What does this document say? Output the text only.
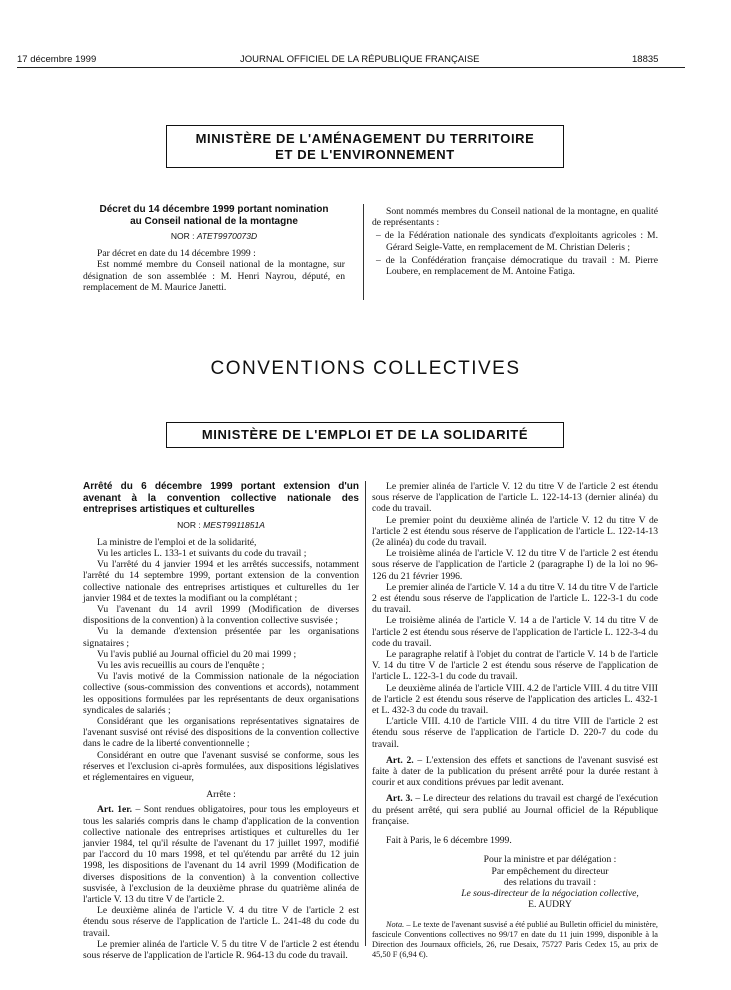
17 décembre 1999	JOURNAL OFFICIEL DE LA RÉPUBLIQUE FRANÇAISE	18835
MINISTÈRE DE L'AMÉNAGEMENT DU TERRITOIRE
ET DE L'ENVIRONNEMENT
Décret du 14 décembre 1999 portant nomination
au Conseil national de la montagne
NOR : ATET9970073D

Par décret en date du 14 décembre 1999 :

Est nommé membre du Conseil national de la montagne, sur désignation de son assemblée : M. Henri Nayrou, député, en remplacement de M. Maurice Janetti.

Sont nommés membres du Conseil national de la montagne, en qualité de représentants :

– de la Fédération nationale des syndicats d'exploitants agricoles : M. Gérard Seigle-Vatte, en remplacement de M. Christian Deleris ;
– de la Confédération française démocratique du travail : M. Pierre Loubere, en remplacement de M. Antoine Fatiga.
CONVENTIONS COLLECTIVES
MINISTÈRE DE L'EMPLOI ET DE LA SOLIDARITÉ
Arrêté du 6 décembre 1999 portant extension d'un avenant à la convention collective nationale des entreprises artistiques et culturelles
NOR : MEST9911851A

La ministre de l'emploi et de la solidarité,

Vu les articles L. 133-1 et suivants du code du travail ;

Vu l'arrêté du 4 janvier 1994 et les arrêtés successifs, notamment l'arrêté du 14 septembre 1999, portant extension de la convention collective nationale des entreprises artistiques et culturelles du 1er janvier 1984 et de textes la modifiant ou la complétant ;

Vu l'avenant du 14 avril 1999 (Modification de diverses dispositions de la convention) à la convention collective susvisée ;

Vu la demande d'extension présentée par les organisations signataires ;

Vu l'avis publié au Journal officiel du 20 mai 1999 ;

Vu les avis recueillis au cours de l'enquête ;

Vu l'avis motivé de la Commission nationale de la négociation collective (sous-commission des conventions et accords), notamment les oppositions formulées par les représentants de deux organisations syndicales de salariés ;

Considérant que les organisations représentatives signataires de l'avenant susvisé ont révisé des dispositions de la convention collective dans le cadre de la liberté conventionnelle ;

Considérant en outre que l'avenant susvisé se conforme, sous les réserves et l'exclusion ci-après formulées, aux dispositions législatives et réglementaires en vigueur,

Arrête :

Art. 1er. – Sont rendues obligatoires, pour tous les employeurs et tous les salariés compris dans le champ d'application de la convention collective nationale des entreprises artistiques et culturelles du 1er janvier 1984, tel qu'il résulte de l'avenant du 17 juillet 1997, modifié par l'accord du 10 mars 1998, et tel qu'étendu par arrêté du 12 juin 1998, les dispositions de l'avenant du 14 avril 1999 (Modification de diverses dispositions de la convention) à la convention collective susvisée, à l'exclusion de la deuxième phrase du quatrième alinéa de l'article V. 13 du titre V de l'article 2.

Le deuxième alinéa de l'article V. 4 du titre V de l'article 2 est étendu sous réserve de l'application de l'article L. 241-48 du code du travail.

Le premier alinéa de l'article V. 5 du titre V de l'article 2 est étendu sous réserve de l'application de l'article R. 964-13 du code du travail.

Le premier alinéa de l'article V. 12 du titre V de l'article 2 est étendu sous réserve de l'application de l'article L. 122-14-13 (dernier alinéa) du code du travail.

Le premier point du deuxième alinéa de l'article V. 12 du titre V de l'article 2 est étendu sous réserve de l'application de l'article L. 122-14-13 (2e alinéa) du code du travail.

Le troisième alinéa de l'article V. 12 du titre V de l'article 2 est étendu sous réserve de l'application de l'article 2 (paragraphe I) de la loi no 96-126 du 21 février 1996.

Le premier alinéa de l'article V. 14 a du titre V. 14 du titre V de l'article 2 est étendu sous réserve de l'application de l'article L. 122-3-1 du code du travail.

Le troisième alinéa de l'article V. 14 a de l'article V. 14 du titre V de l'article 2 est étendu sous réserve de l'application de l'article L. 122-3-4 du code du travail.

Le paragraphe relatif à l'objet du contrat de l'article V. 14 b de l'article V. 14 du titre V de l'article 2 est étendu sous réserve de l'application de l'article L. 122-3-1 du code du travail.

Le deuxième alinéa de l'article VIII. 4.2 de l'article VIII. 4 du titre VIII de l'article 2 est étendu sous réserve de l'application des articles L. 432-1 et L. 432-3 du code du travail.

L'article VIII. 4.10 de l'article VIII. 4 du titre VIII de l'article 2 est étendu sous réserve de l'application de l'article D. 220-7 du code du travail.

Art. 2. – L'extension des effets et sanctions de l'avenant susvisé est faite à dater de la publication du présent arrêté pour la durée restant à courir et aux conditions prévues par ledit avenant.

Art. 3. – Le directeur des relations du travail est chargé de l'exécution du présent arrêté, qui sera publié au Journal officiel de la République française.

Fait à Paris, le 6 décembre 1999.

Pour la ministre et par délégation :
Par empêchement du directeur
des relations du travail :
Le sous-directeur de la négociation collective,
E. AUDRY

Nota. – Le texte de l'avenant susvisé a été publié au Bulletin officiel du ministère, fascicule Conventions collectives no 99/17 en date du 11 juin 1999, disponible à la Direction des Journaux officiels, 26, rue Desaix, 75727 Paris Cedex 15, au prix de 45,50 F (6,94 €).
